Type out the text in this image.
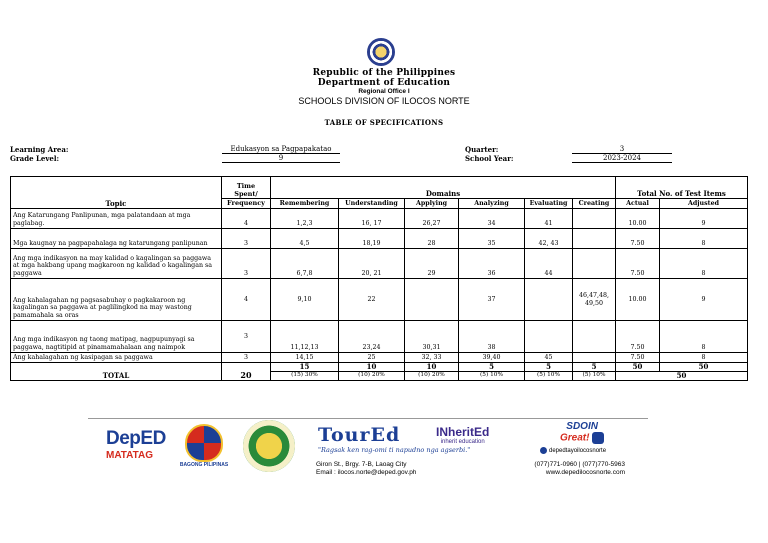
Republic of the Philippines
Department of Education
Regional Office I
SCHOOLS DIVISION OF ILOCOS NORTE
TABLE OF SPECIFICATIONS
Learning Area:	Edukasyon sa Pagpapakatao
Grade Level:	9
Quarter:	3
School Year:	2023-2024
Topic	Time Spent/	Domains						Total No. of Test Items	
	Frequency	Remembering	Understanding	Applying	Analyzing	Evaluating	Creating	Actual	Adjusted
Ang Katarungang Panlipunan, mga palatandaan at mga paglabag.	4	1,2,3	16, 17	26,27	34	41		10.00	9
Mga kaugnay na pagpapahalaga ng katarungang panlipunan	3	4,5	18,19	28	35	42, 43		7.50	8
Ang mga indikasyon na may kalidad o kagalingan sa paggawa at mga hakbang upang magkaroon ng kalidad o kagalingan sa paggawa	3	6,7,8	20, 21	29	36	44		7.50	8
Ang kahalagahan ng pagsasabuhay o pagkakaroon ng kagalingan sa paggawa at paglilingkod na may wastong pamamahala sa oras	4	9,10	22		37		46,47,48, 49,50	10.00	9
Ang mga indikasyon ng taong matipag, nagpupunyagi sa paggawa, nagtitipid at pinamamahalaan ang naimpok	3	11,12,13	23,24	30,31	38			7.50	8
Ang kahalagahan ng kasipagan sa paggawa	3	14,15	25	32, 33	39,40	45		7.50	8
TOTAL	20	15	10	10	5	5	5	50	50
		(15) 30%	(10) 20%	(10) 20%	(5) 10%	(5) 10%	(5) 10%	50	
DepED
MATATAG
BAGONG PILIPINAS
TourEd
"Ragsak ken rag-omi ti napudno nga agserbi."
INheritEd
inherit education
SDOIN
Great!
depedtayoilocosnorte
Giron St., Brgy. 7-B, Laoag City
Email : ilocos.norte@deped.gov.ph
(077)771-0960 | (077)770-5963
www.depedilocosnorte.com
